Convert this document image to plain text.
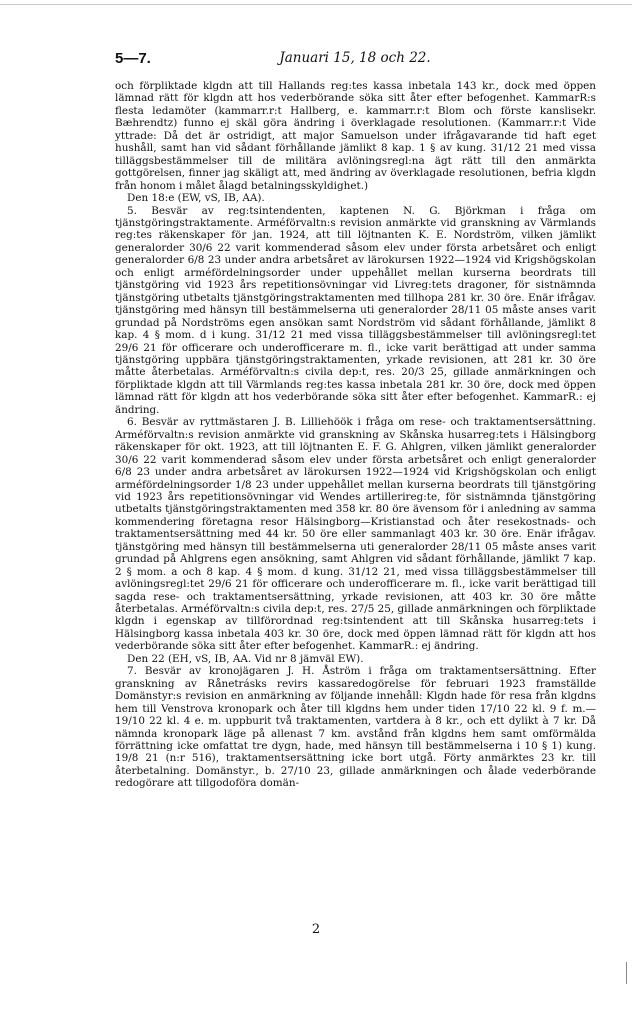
5—7.	Januari 15, 18 och 22.

och förpliktade klgdn att till Hallands reg:tes kassa inbetala 143 kr., dock med öppen lämnad rätt för klgdn att hos vederbörande söka sitt åter efter befogenhet. KammarR:s flesta ledamöter (kammarr.r:t Hallberg, e. kammarr.r:t Blom och förste kanslisekr. Bæhrendtz) funno ej skäl göra ändring i överklagade resolutionen. (Kammarr.r:t Vide yttrade: Då det är ostridigt, att major Samuelson under ifrågavarande tid haft eget hushåll, samt han vid sådant förhållande jämlikt 8 kap. 1 § av kung. 31/12 21 med vissa tilläggsbestämmelser till de militära avlöningsregl:na ägt rätt till den anmärkta gottgörelsen, finner jag skäligt att, med ändring av överklagade resolutionen, befria klgdn från honom i målet ålagd betalningsskyldighet.)

Den 18:e (EW, vS, IB, AA).

5. Besvär av reg:tsintendenten, kaptenen N. G. Björkman i fråga om tjänstgöringstraktamente. Arméförvaltn:s revision anmärkte vid granskning av Värmlands reg:tes räkenskaper för jan. 1924, att till löjtnanten K. E. Nordström, vilken jämlikt generalorder 30/6 22 varit kommenderad såsom elev under första arbetsåret och enligt generalorder 6/8 23 under andra arbetsåret av lärokursen 1922—1924 vid Krigshögskolan och enligt arméfördelningsorder under uppehållet mellan kurserna beordrats till tjänstgöring vid 1923 års repetitionsövningar vid Livreg:tets dragoner, för sistnämnda tjänstgöring utbetalts tjänstgöringstraktamenten med tillhopa 281 kr. 30 öre. Enär ifrågav. tjänstgöring med hänsyn till bestämmelserna uti generalorder 28/11 05 måste anses varit grundad på Nordströms egen ansökan samt Nordström vid sådant förhållande, jämlikt 8 kap. 4 § mom. d i kung. 31/12 21 med vissa tilläggsbestämmelser till avlöningsregl:tet 29/6 21 för officerare och underofficerare m. fl., icke varit berättigad att under samma tjänstgöring uppbära tjänstgöringstraktamenten, yrkade revisionen, att 281 kr. 30 öre måtte återbetalas. Arméförvaltn:s civila dep:t, res. 20/3 25, gillade anmärkningen och förpliktade klgdn att till Värmlands reg:tes kassa inbetala 281 kr. 30 öre, dock med öppen lämnad rätt för klgdn att hos vederbörande söka sitt åter efter befogenhet. KammarR.: ej ändring.

6. Besvär av ryttmästaren J. B. Lilliehöök i fråga om rese- och traktamentsersättning. Arméförvaltn:s revision anmärkte vid granskning av Skånska husarreg:tets i Hälsingborg räkenskaper för okt. 1923, att till löjtnanten E. F. G. Ahlgren, vilken jämlikt generalorder 30/6 22 varit kommenderad såsom elev under första arbetsåret och enligt generalorder 6/8 23 under andra arbetsåret av lärokursen 1922—1924 vid Krigshögskolan och enligt arméfördelningsorder 1/8 23 under uppehållet mellan kurserna beordrats till tjänstgöring vid 1923 års repetitionsövningar vid Wendes artillerireg:te, för sistnämnda tjänstgöring utbetalts tjänstgöringstraktamenten med 358 kr. 80 öre ävensom för i anledning av samma kommendering företagna resor Hälsingborg—Kristianstad och åter resekostnads- och traktamentsersättning med 44 kr. 50 öre eller sammanlagt 403 kr. 30 öre. Enär ifrågav. tjänstgöring med hänsyn till bestämmelserna uti generalorder 28/11 05 måste anses varit grundad på Ahlgrens egen ansökning, samt Ahlgren vid sådant förhållande, jämlikt 7 kap. 2 § mom. a och 8 kap. 4 § mom. d kung. 31/12 21, med vissa tilläggsbestämmelser till avlöningsregl:tet 29/6 21 för officerare och underofficerare m. fl., icke varit berättigad till sagda rese- och traktamentsersättning, yrkade revisionen, att 403 kr. 30 öre måtte återbetalas. Arméförvaltn:s civila dep:t, res. 27/5 25, gillade anmärkningen och förpliktade klgdn i egenskap av tillförordnad reg:tsintendent att till Skånska husarreg:tets i Hälsingborg kassa inbetala 403 kr. 30 öre, dock med öppen lämnad rätt för klgdn att hos vederbörande söka sitt åter efter befogenhet. KammarR.: ej ändring.

Den 22 (EH, vS, IB, AA. Vid nr 8 jämväl EW).

7. Besvär av kronojägaren J. H. Åström i fråga om traktamentsersättning. Efter granskning av Rånetrásks revirs kassaredogörelse för februari 1923 framställde Domänstyr:s revision en anmärkning av följande innehåll: Klgdn hade för resa från klgdns hem till Venstrova kronopark och åter till klgdns hem under tiden 17/10 22 kl. 9 f. m.—19/10 22 kl. 4 e. m. uppburit två traktamenten, vartdera à 8 kr., och ett dylikt à 7 kr. Då nämnda kronopark läge på allenast 7 km. avstånd från klgdns hem samt omförmälda förrättning icke omfattat tre dygn, hade, med hänsyn till bestämmelserna i 10 § 1) kung. 19/8 21 (n:r 516), traktamentsersättning icke bort utgå. Förty anmärktes 23 kr. till återbetalning. Domänstyr., b. 27/10 23, gillade anmärkningen och ålade vederbörande redogörare att tillgodoföra domän-

2
